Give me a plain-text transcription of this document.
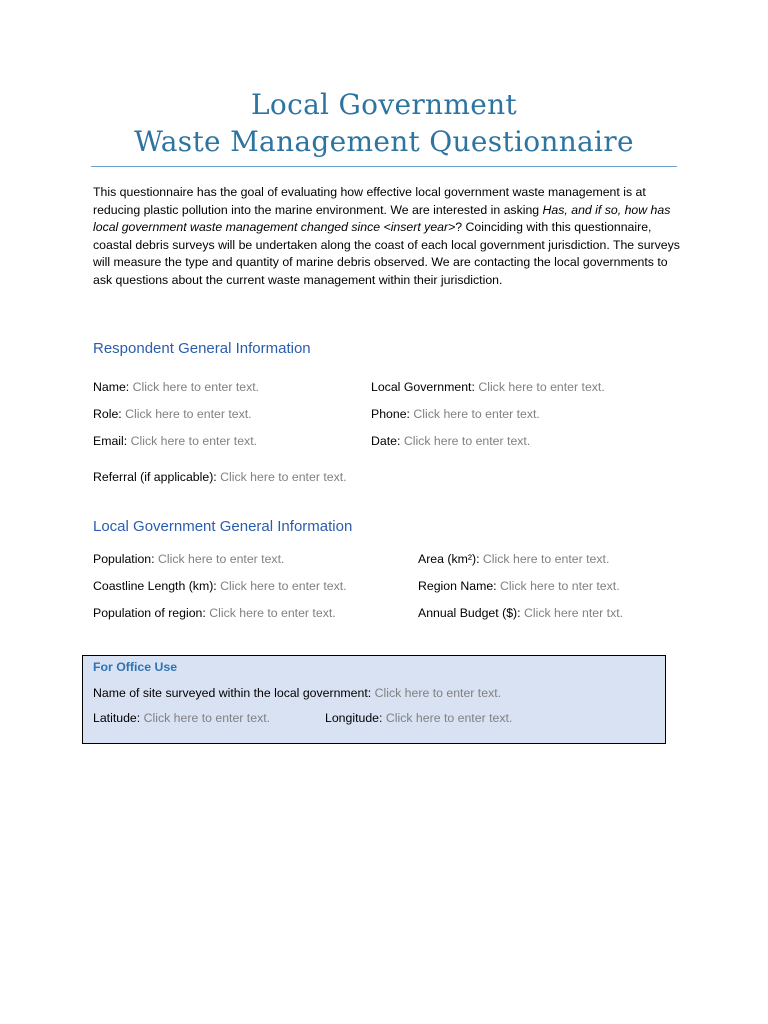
Local Government
Waste Management Questionnaire
This questionnaire has the goal of evaluating how effective local government waste management is at reducing plastic pollution into the marine environment. We are interested in asking Has, and if so, how has local government waste management changed since <insert year>? Coinciding with this questionnaire, coastal debris surveys will be undertaken along the coast of each local government jurisdiction. The surveys will measure the type and quantity of marine debris observed. We are contacting the local governments to ask questions about the current waste management within their jurisdiction.
Respondent General Information
Name: Click here to enter text.
Role: Click here to enter text.
Email: Click here to enter text.
Local Government: Click here to enter text.
Phone: Click here to enter text.
Date: Click here to enter text.
Referral (if applicable): Click here to enter text.
Local Government General Information
Population: Click here to enter text.
Coastline Length (km): Click here to enter text.
Population of region: Click here to enter text.
Area (km²): Click here to enter text.
Region Name: Click here to nter text.
Annual Budget ($): Click here nter txt.
For Office Use
Name of site surveyed within the local government: Click here to enter text.
Latitude: Click here to enter text.	Longitude: Click here to enter text.
